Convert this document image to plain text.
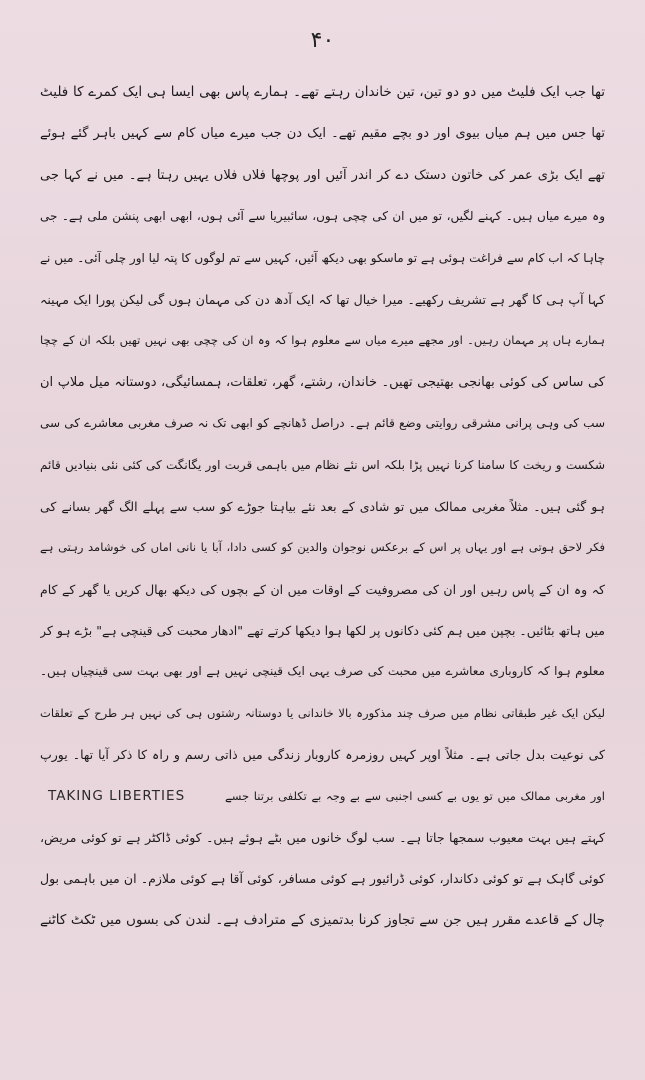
۴۰
تھا جب ایک فلیٹ میں دو دو تین، تین خاندان رہتے تھے۔ ہمارے پاس بھی ایسا ہی ایک کمرے کا فلیٹ
تھا جس میں ہم میاں بیوی اور دو بچے مقیم تھے۔ ایک دن جب میرے میاں کام سے کہیں باہر گئے ہوئے
تھے ایک بڑی عمر کی خاتون دستک دے کر اندر آئیں اور پوچھا فلاں فلاں یہیں رہتا ہے۔ میں نے کہا جی
وہ میرے میاں ہیں۔ کہنے لگیں، تو میں ان کی چچی ہوں، سائبیریا سے آئی ہوں، ابھی ابھی پنشن ملی ہے۔ جی
چاہا کہ اب کام سے فراغت ہوئی ہے تو ماسکو بھی دیکھ آئیں، کہیں سے تم لوگوں کا پتہ لیا اور چلی آئی۔ میں نے
کہا آپ ہی کا گھر ہے تشریف رکھیے۔ میرا خیال تھا کہ ایک آدھ دن کی مہمان ہوں گی لیکن پورا ایک مہینہ
ہمارے ہاں پر مہمان رہیں۔ اور مجھے میرے میاں سے معلوم ہوا کہ وہ ان کی چچی بھی نہیں تھیں بلکہ ان کے چچا
کی ساس کی کوئی بھانجی بھتیجی تھیں۔ خاندان، رشتے، گھر، تعلقات، ہمسائیگی، دوستانہ میل ملاپ ان
سب کی وہی پرانی مشرقی روایتی وضع قائم ہے۔ دراصل ڈھانچے کو ابھی تک نہ صرف مغربی معاشرے کی سی
شکست و ریخت کا سامنا کرنا نہیں پڑا بلکہ اس نئے نظام میں باہمی قربت اور یگانگت کی کئی نئی بنیادیں قائم
ہو گئی ہیں۔ مثلاً مغربی ممالک میں تو شادی کے بعد نئے بیاہتا جوڑے کو سب سے پہلے الگ گھر بسانے کی
فکر لاحق ہوتی ہے اور یہاں پر اس کے برعکس نوجوان والدین کو کسی دادا، آبا یا نانی اماں کی خوشامد رہتی ہے
کہ وہ ان کے پاس رہیں اور ان کی مصروفیت کے اوقات میں ان کے بچوں کی دیکھ بھال کریں یا گھر کے کام
میں ہاتھ بٹائیں۔ بچپن میں ہم کئی دکانوں پر لکھا ہوا دیکھا کرتے تھے "ادھار محبت کی قینچی ہے" بڑے ہو کر
معلوم ہوا کہ کاروباری معاشرے میں محبت کی صرف یہی ایک قینچی نہیں ہے اور بھی بہت سی قینچیاں ہیں۔
لیکن ایک غیر طبقاتی نظام میں صرف چند مذکورہ بالا خاندانی یا دوستانہ رشتوں ہی کی نہیں ہر طرح کے تعلقات
کی نوعیت بدل جاتی ہے۔ مثلاً اوپر کہیں روزمرہ کاروبار زندگی میں ذاتی رسم و راہ کا ذکر آیا تھا۔ یورپ
TAKING LIBERTIES	اور مغربی ممالک میں تو یوں بے کسی اجنبی سے بے وجہ بے تکلفی برتنا جسے
کہتے ہیں بہت معیوب سمجھا جاتا ہے۔ سب لوگ خانوں میں بٹے ہوئے ہیں۔ کوئی ڈاکٹر ہے تو کوئی مریض،
کوئی گاہک ہے تو کوئی دکاندار، کوئی ڈرائیور ہے کوئی مسافر، کوئی آقا ہے کوئی ملازم۔ ان میں باہمی بول
چال کے قاعدے مقرر ہیں جن سے تجاوز کرنا بدتمیزی کے مترادف ہے۔ لندن کی بسوں میں ٹکٹ کاٹنے
